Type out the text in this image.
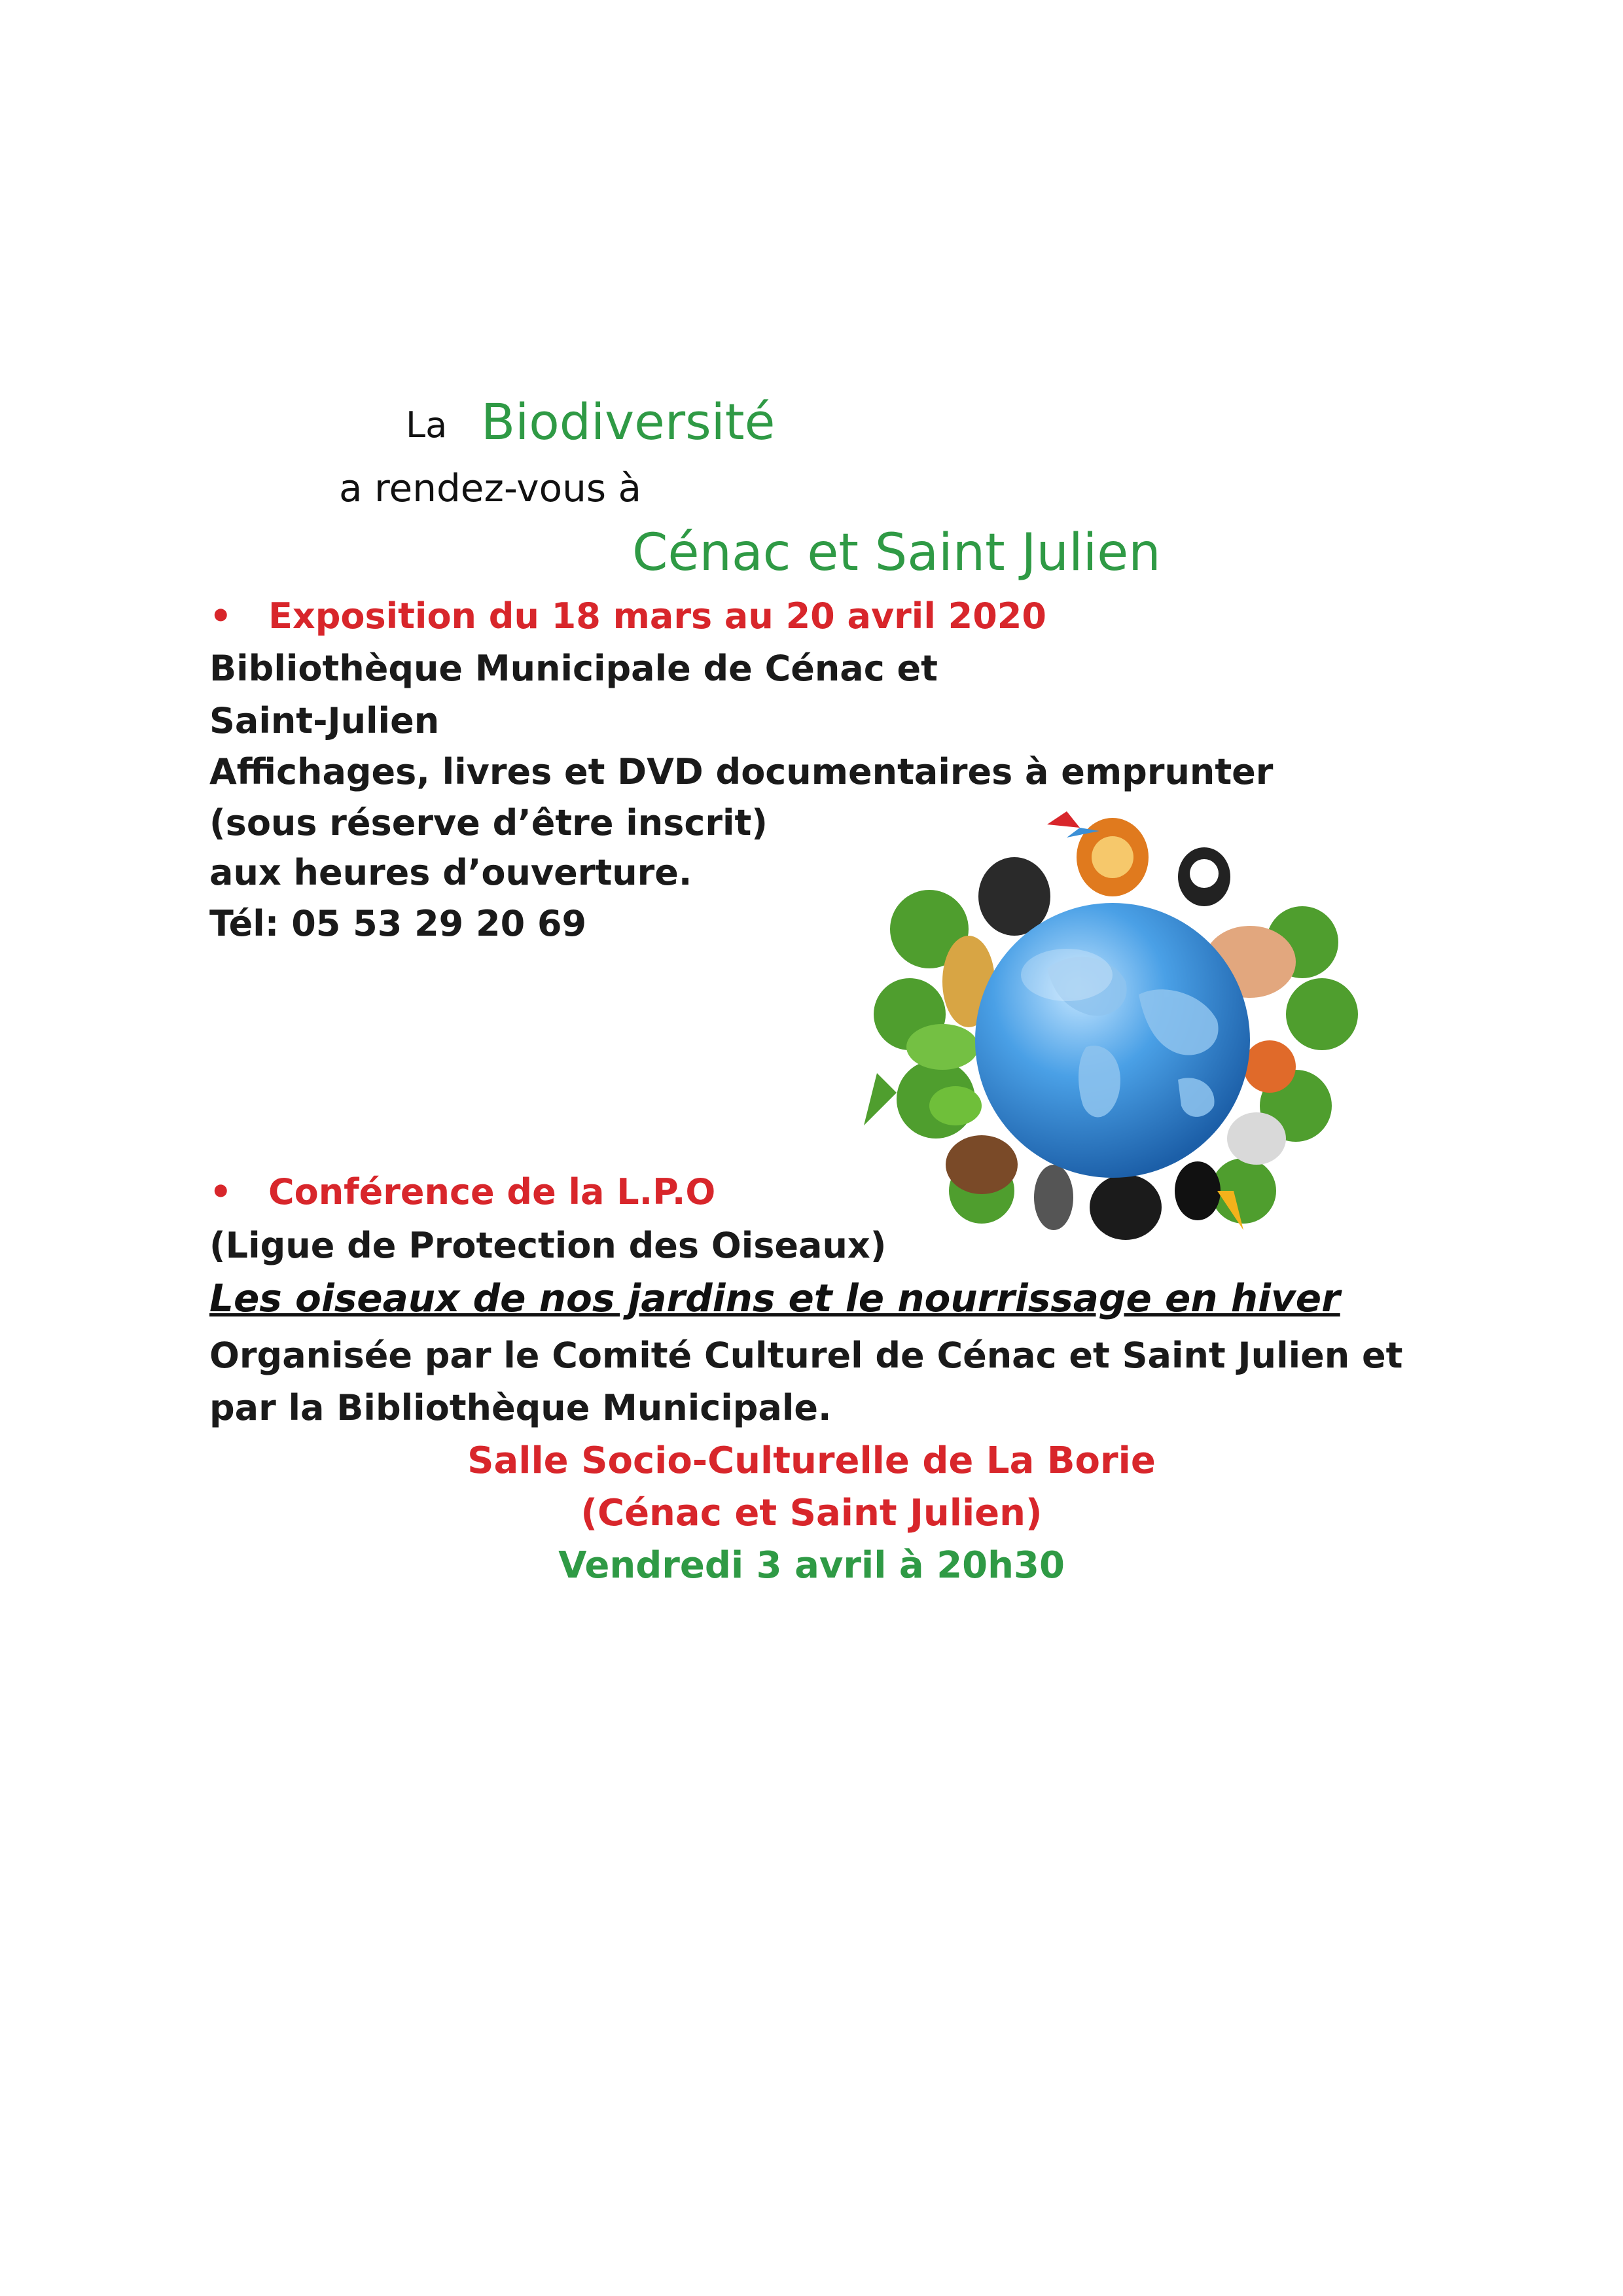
La Biodiversité
a rendez-vous à
Cénac et Saint Julien
• Exposition du 18 mars au 20 avril 2020
Bibliothèque Municipale de Cénac et
Saint-Julien
Affichages, livres et DVD documentaires à emprunter
(sous réserve d’être inscrit)
aux heures d’ouverture.
Tél: 05 53 29 20 69
• Conférence de la L.P.O
(Ligue de Protection des Oiseaux)
Les oiseaux de nos jardins et le nourrissage en hiver
Organisée par le Comité Culturel de Cénac et Saint Julien et
par la Bibliothèque Municipale.
Salle Socio-Culturelle de La Borie
(Cénac et Saint Julien)
Vendredi 3 avril à 20h30
